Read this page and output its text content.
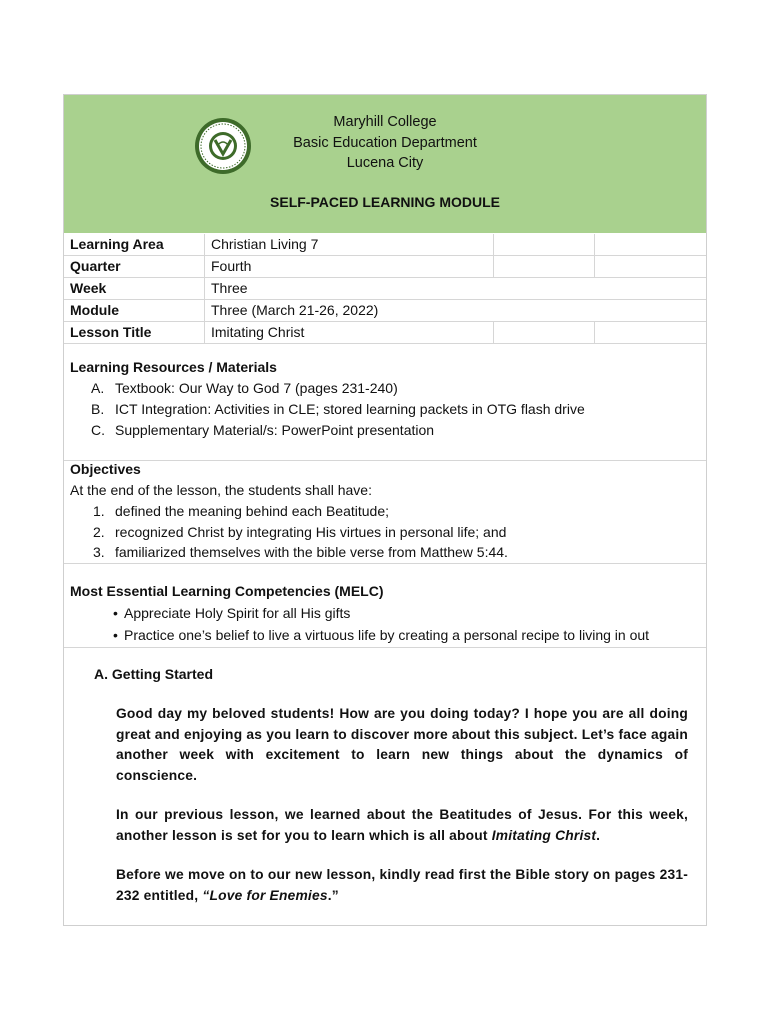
Maryhill College
Basic Education Department
Lucena City
SELF-PACED LEARNING MODULE
Learning Area	Christian Living 7
Quarter	Fourth
Week	Three
Module	Three (March 21-26, 2022)
Lesson Title	Imitating Christ
Learning Resources / Materials
A. Textbook: Our Way to God 7 (pages 231-240)
B. ICT Integration: Activities in CLE; stored learning packets in OTG flash drive
C. Supplementary Material/s: PowerPoint presentation
Objectives
At the end of the lesson, the students shall have:
1. defined the meaning behind each Beatitude;
2. recognized Christ by integrating His virtues in personal life; and
3. familiarized themselves with the bible verse from Matthew 5:44.
Most Essential Learning Competencies (MELC)
• Appreciate Holy Spirit for all His gifts
• Practice one’s belief to live a virtuous life by creating a personal recipe to living in out
A. Getting Started
Good day my beloved students! How are you doing today? I hope you are all doing great and enjoying as you learn to discover more about this subject. Let’s face again another week with excitement to learn new things about the dynamics of conscience.
In our previous lesson, we learned about the Beatitudes of Jesus. For this week, another lesson is set for you to learn which is all about Imitating Christ.
Before we move on to our new lesson, kindly read first the Bible story on pages 231-232 entitled, “Love for Enemies.”
